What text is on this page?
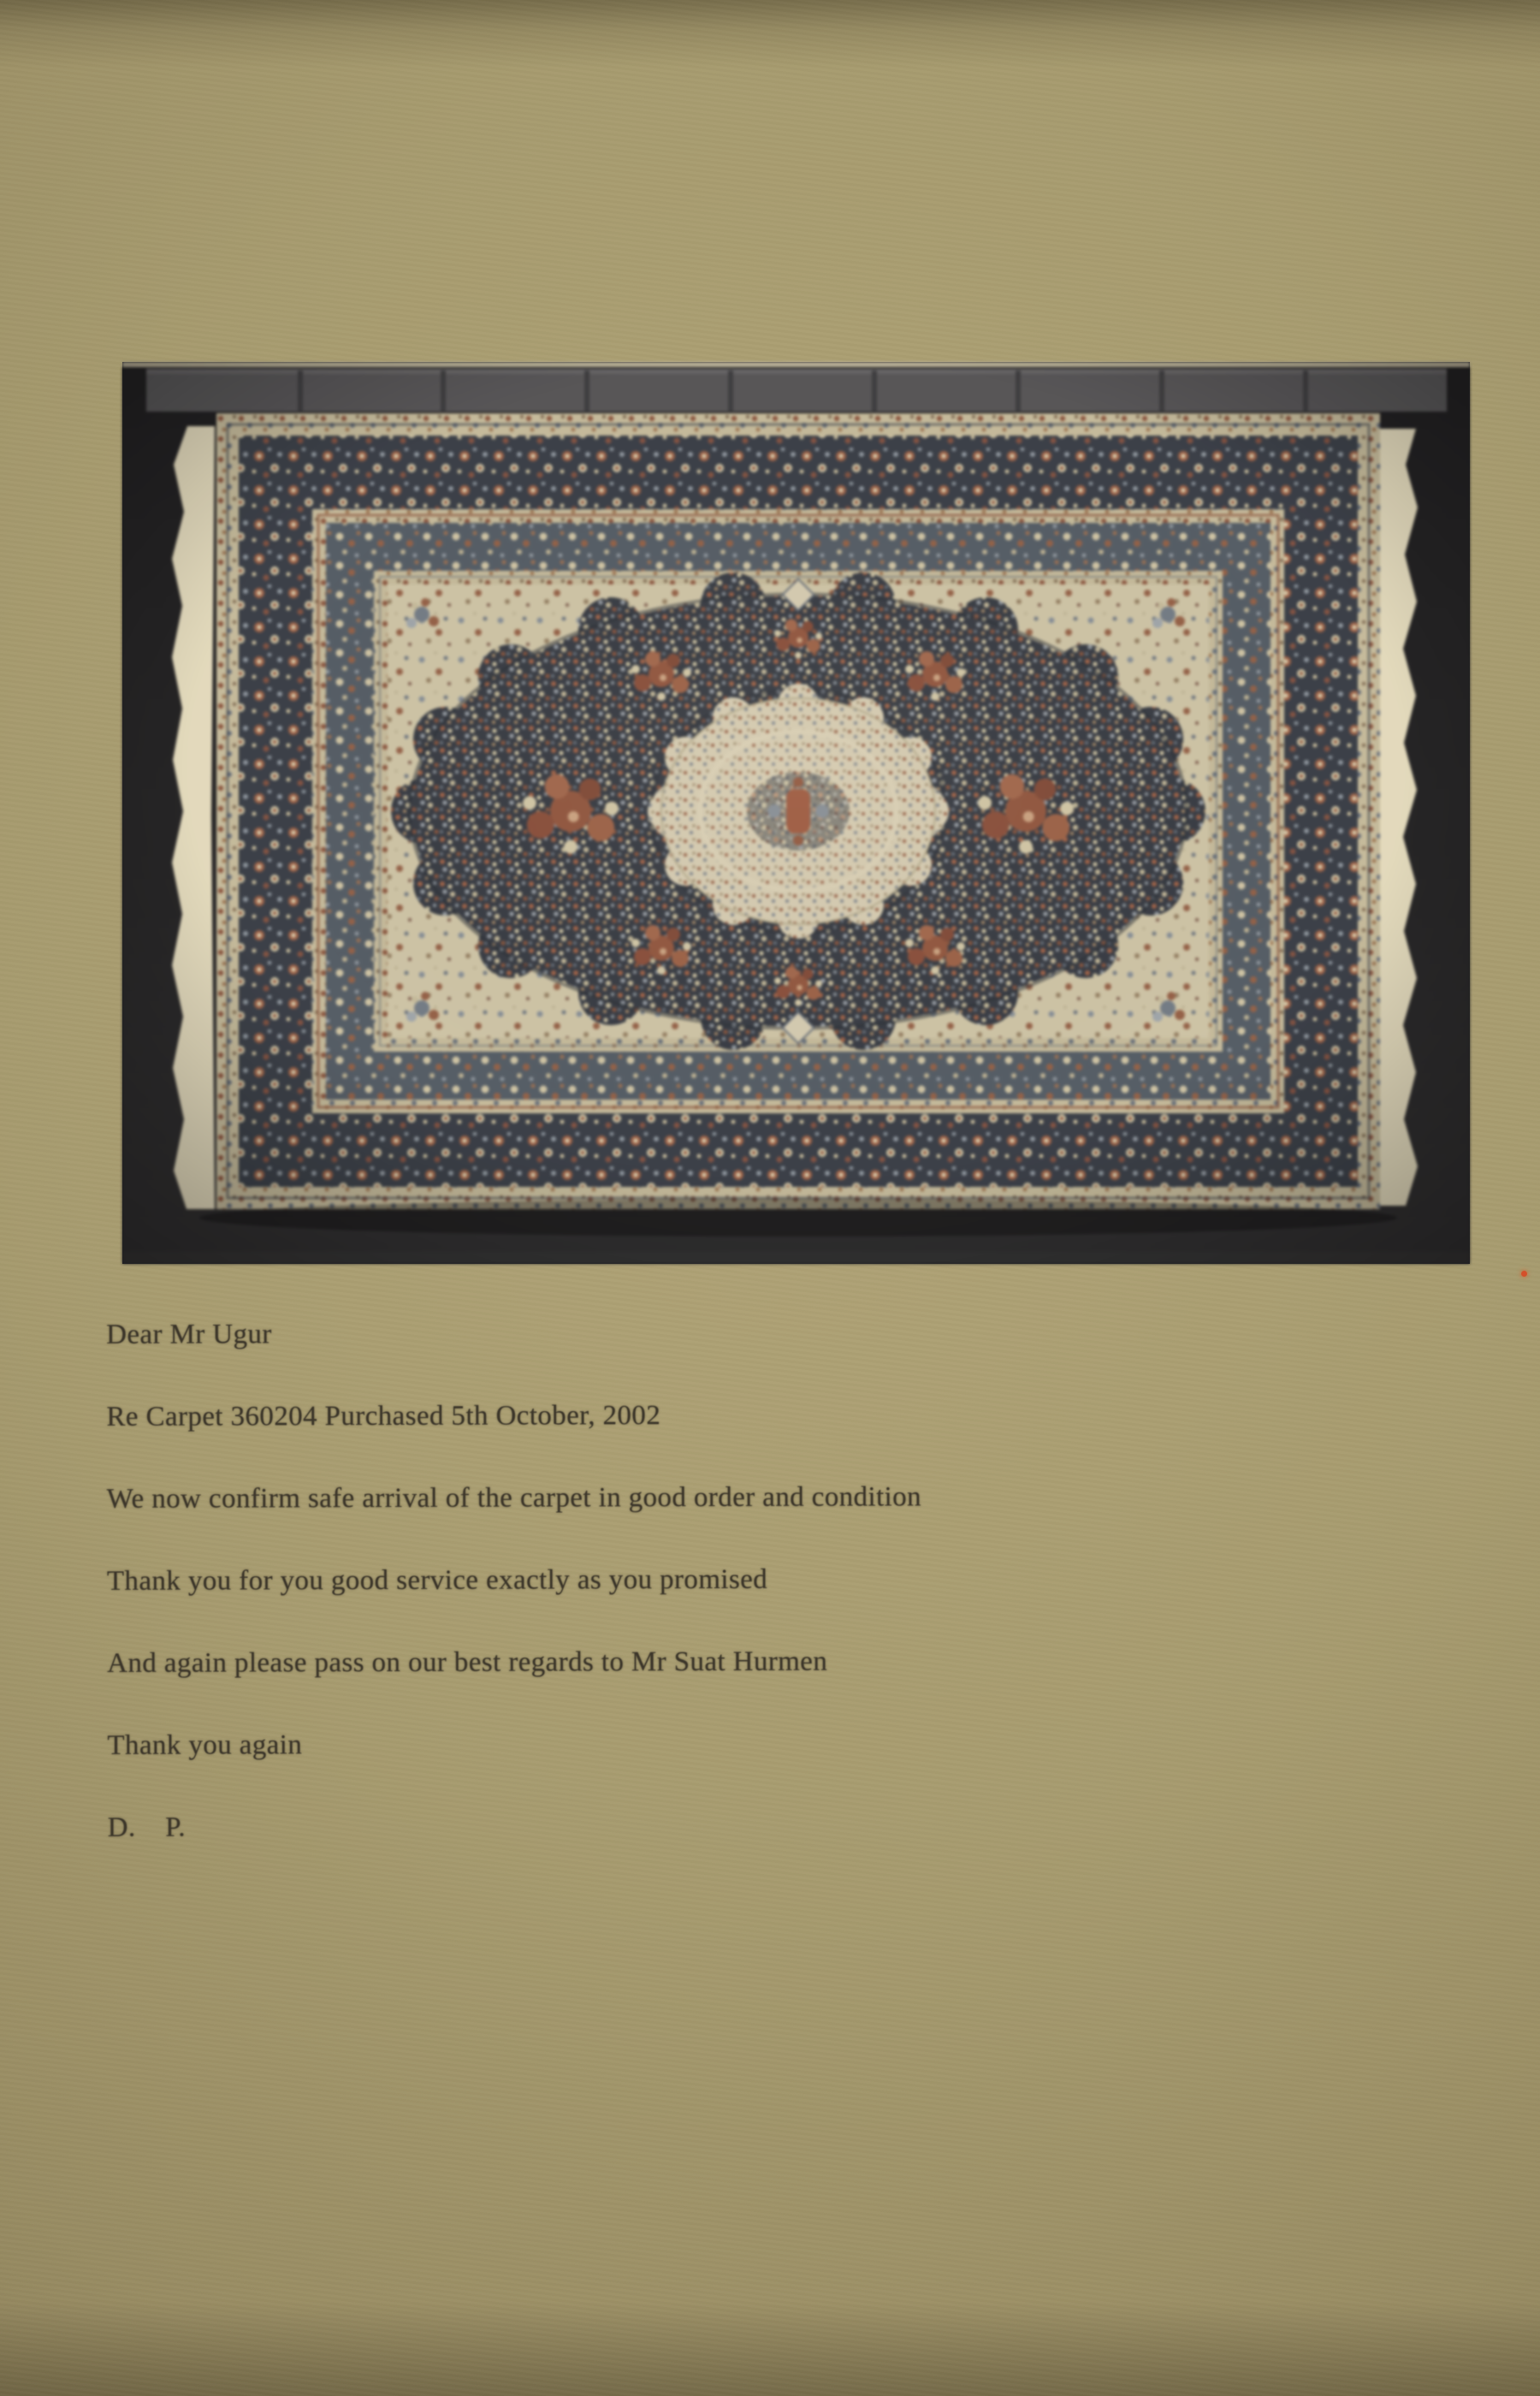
Dear Mr Ugur

Re Carpet 360204 Purchased 5th October, 2002

We now confirm safe arrival of the carpet in good order and condition

Thank you for you good service exactly as you promised

And again please pass on our best regards to Mr Suat Hurmen

Thank you again

D.    P.
